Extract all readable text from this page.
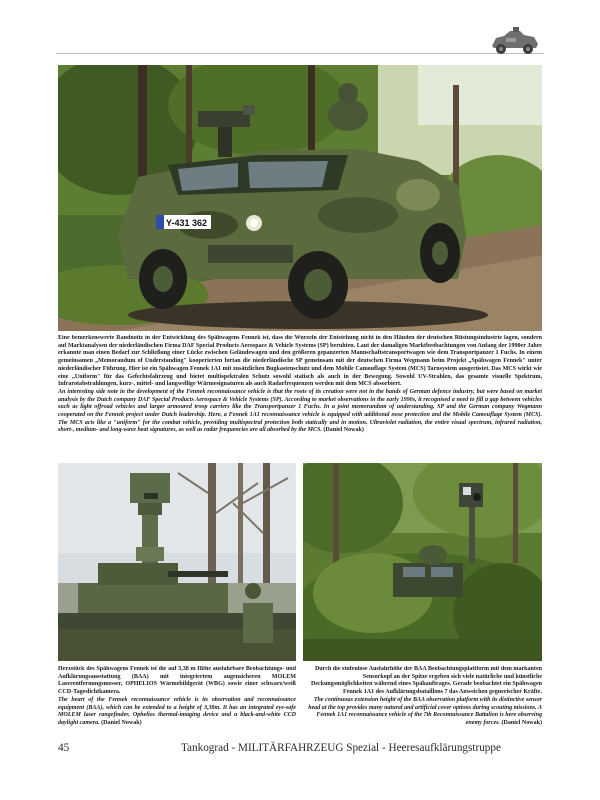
Y-431 362

Eine bemerkenswerte Randnotiz in der Entwicklung des Spähwagens Fennek ist, dass die Wurzeln der Entstehung nicht in den Händen der deutschen Rüstungsindustrie lagen, sondern auf Marktanalysen der niederländischen Firma DAF Special Products Aerospace & Vehicle Systems (SP) beruhten. Laut der damaligen Marktbeobachtungen von Anfang der 1990er Jahre erkannte man einen Bedarf zur Schließung einer Lücke zwischen Geländewagen und den größeren gepanzerten Mannschaftstransportwagen wie dem Transportpanzer 1 Fuchs. In einem gemeinsamen „Memorandum of Understanding" kooperierten fortan die niederländische SP gemeinsam mit der deutschen Firma Wegmann beim Projekt „Spähwagen Fennek" unter niederländischer Führung. Hier ist ein Spähwagen Fennek 1A1 mit zusätzlichen Bugkastenschutz und dem Mobile Camouflage System (MCS) Tarnsystem ausgerüstet. Das MCS wirkt wie eine „Uniform" für das Gefechtsfahrzeug und bietet multispektralen Schutz sowohl statisch als auch in der Bewegung. Sowohl UV-Strahlen, das gesamte visuelle Spektrum, Infrarotabstrahlungen, kurz-, mittel- und langwellige Wärmesignaturen als auch Radarfrequenzen werden mit dem MCS absorbiert.

An interesting side note in the development of the Fennek reconnaissance vehicle is that the roots of its creation were not in the hands of German defence industry, but were based on market analysis by the Dutch company DAF Special Products Aerospace & Vehicle Systems (SP). According to market observations in the early 1990s, it recognised a need to fill a gap between vehicles such as light offroad vehicles and larger armoured troop carriers like the Transportpanzer 1 Fuchs. In a joint memorandum of understanding, SP and the German company Wegmann cooperated on the Fennek project under Dutch leadership. Here, a Fennek 1A1 reconnaissance vehicle is equipped with additional nose protection and the Mobile Camouflage System (MCS). The MCS acts like a "uniform" for the combat vehicle, providing multispectral protection both statically and in motion. Ultraviolet radiation, the entire visual spectrum, infrared radiation, short-, medium- and long-wave heat signatures, as well as radar frequencies are all absorbed by the MCS. (Daniel Nowak)

Herzstück des Spähwagens Fennek ist die auf 3,38 m Höhe ausfahrbare Beobachtungs- und Aufklärungsausstattung (BAA) mit integriertem augensicheren MOLEM Laserentfernungsmesser, OPHELIOS Wärmebildgerät (WBG) sowie einer schwarz/weiß CCD-Tageslichtkamera.

The heart of the Fennek reconnaissance vehicle is its observation and reconnaissance equipment (BAA), which can be extended to a height of 3,38m. It has an integrated eye-safe MOLEM laser rangefinder, Ophelios thermal-imaging device and a black-and-white CCD daylight camera. (Daniel Nowak)

Durch die stufenlose Ausfahrhöhe der BAA Beobachtungsplattform mit dem markanten Sensorkopf an der Spitze ergeben sich viele natürliche und künstliche Deckungsmöglichkeiten während eines Spähauftrages. Gerade beobachtet ein Spähwagen Fennek 1A1 des Aufklärungsbataillons 7 das Anweichen gegnerischer Kräfte.

The continuous extension height of the BAA observation platform with its distinctive sensor head at the top provides many natural and artificial cover options during scouting missions. A Fennek 1A1 reconnaissance vehicle of the 7th Reconnaissance Battalion is here observing enemy forces. (Daniel Nowak)

45	Tankograd - MILITÄRFAHRZEUG Spezial - Heeresaufklärungstruppe
